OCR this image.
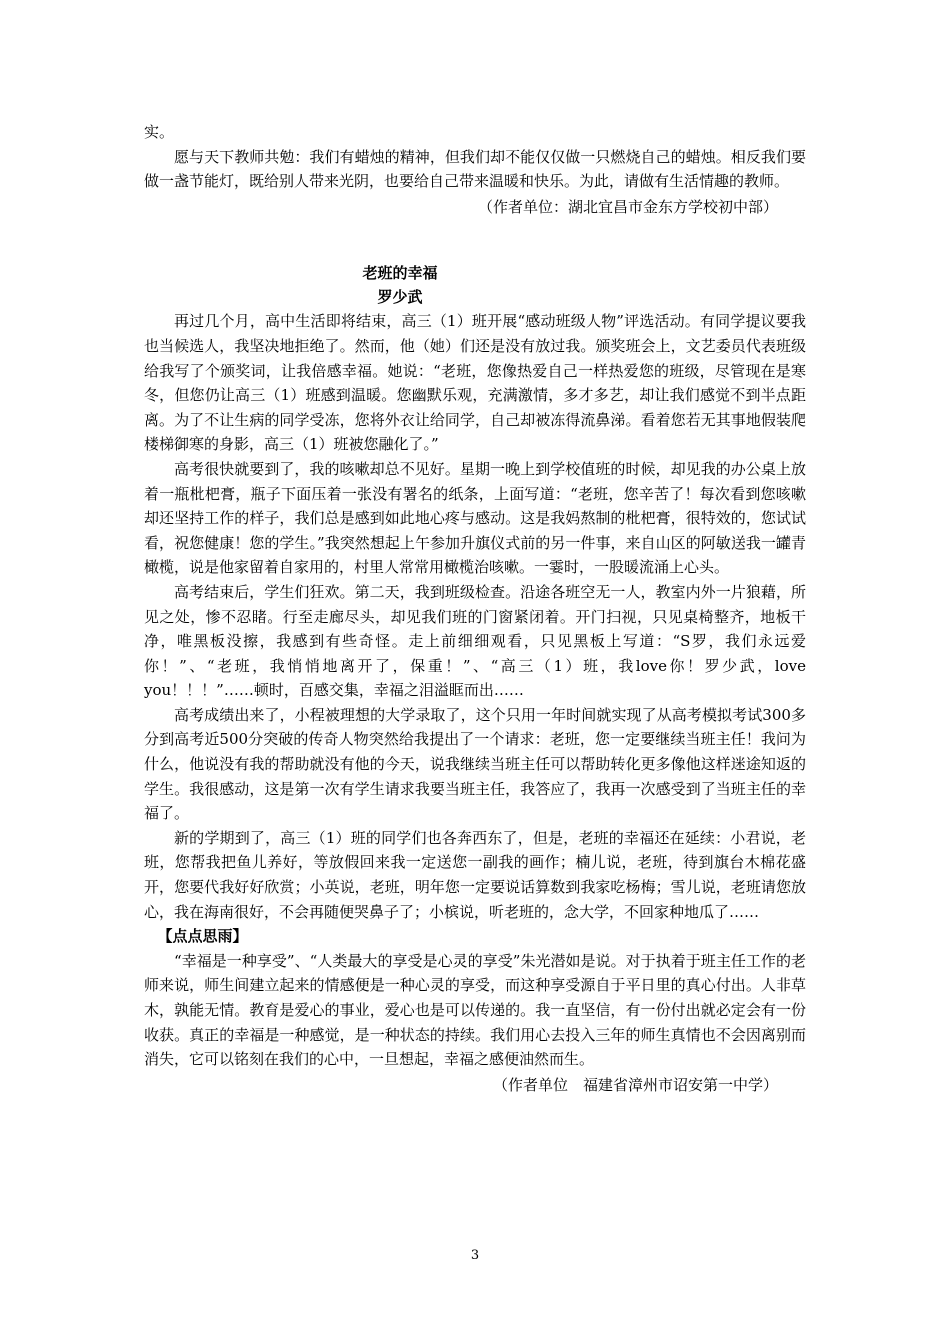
实。

愿与天下教师共勉：我们有蜡烛的精神，但我们却不能仅仅做一只燃烧自己的蜡烛。相反我们要做一盏节能灯，既给别人带来光阴，也要给自己带来温暖和快乐。为此，请做有生活情趣的教师。

（作者单位：湖北宜昌市金东方学校初中部）

老班的幸福
罗少武

再过几个月，高中生活即将结束，高三（1）班开展“感动班级人物”评选活动。有同学提议要我也当候选人，我坚决地拒绝了。然而，他（她）们还是没有放过我。颁奖班会上，文艺委员代表班级给我写了个颁奖词，让我倍感幸福。她说：“老班，您像热爱自己一样热爱您的班级，尽管现在是寒冬，但您仍让高三（1）班感到温暖。您幽默乐观，充满激情，多才多艺，却让我们感觉不到半点距离。为了不让生病的同学受冻，您将外衣让给同学，自己却被冻得流鼻涕。看着您若无其事地假装爬楼梯御寒的身影，高三（1）班被您融化了。”

高考很快就要到了，我的咳嗽却总不见好。星期一晚上到学校值班的时候，却见我的办公桌上放着一瓶枇杷膏，瓶子下面压着一张没有署名的纸条，上面写道：“老班，您辛苦了！每次看到您咳嗽却还坚持工作的样子，我们总是感到如此地心疼与感动。这是我妈熬制的枇杷膏，很特效的，您试试看，祝您健康！您的学生。”我突然想起上午参加升旗仪式前的另一件事，来自山区的阿敏送我一罐青橄榄，说是他家留着自家用的，村里人常常用橄榄治咳嗽。一霎时，一股暖流涌上心头。

高考结束后，学生们狂欢。第二天，我到班级检查。沿途各班空无一人，教室内外一片狼藉，所见之处，惨不忍睹。行至走廊尽头，却见我们班的门窗紧闭着。开门扫视，只见桌椅整齐，地板干净，唯黑板没擦，我感到有些奇怪。走上前细细观看，只见黑板上写道：“S罗，我们永远爱你！”、“老班，我悄悄地离开了，保重！”、“高三（1）班，我love你！罗少武，love you！！！”……顿时，百感交集，幸福之泪溢眶而出……

高考成绩出来了，小程被理想的大学录取了，这个只用一年时间就实现了从高考模拟考试300多分到高考近500分突破的传奇人物突然给我提出了一个请求：老班，您一定要继续当班主任！我问为什么，他说没有我的帮助就没有他的今天，说我继续当班主任可以帮助转化更多像他这样迷途知返的学生。我很感动，这是第一次有学生请求我要当班主任，我答应了，我再一次感受到了当班主任的幸福了。

新的学期到了，高三（1）班的同学们也各奔西东了，但是，老班的幸福还在延续：小君说，老班，您帮我把鱼儿养好，等放假回来我一定送您一副我的画作；楠儿说，老班，待到旗台木棉花盛开，您要代我好好欣赏；小英说，老班，明年您一定要说话算数到我家吃杨梅；雪儿说，老班请您放心，我在海南很好，不会再随便哭鼻子了；小槟说，听老班的，念大学，不回家种地瓜了……

【点点思雨】

“幸福是一种享受”、“人类最大的享受是心灵的享受”朱光潜如是说。对于执着于班主任工作的老师来说，师生间建立起来的情感便是一种心灵的享受，而这种享受源自于平日里的真心付出。人非草木，孰能无情。教育是爱心的事业，爱心也是可以传递的。我一直坚信，有一份付出就必定会有一份收获。真正的幸福是一种感觉，是一种状态的持续。我们用心去投入三年的师生真情也不会因离别而消失，它可以铭刻在我们的心中，一旦想起，幸福之感便油然而生。

（作者单位　福建省漳州市诏安第一中学）

3
